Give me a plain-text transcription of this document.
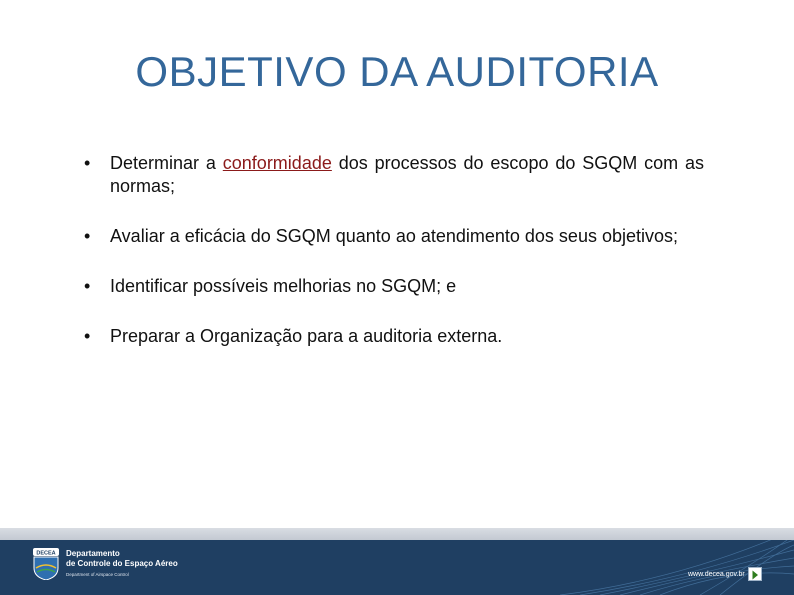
OBJETIVO DA AUDITORIA
• Determinar a conformidade dos processos do escopo do SGQM com as normas;
• Avaliar a eficácia do SGQM quanto ao atendimento dos seus objetivos;
• Identificar possíveis melhorias no SGQM; e
• Preparar a Organização para a auditoria externa.
DECEA Departamento
de Controle do Espaço Aéreo
Department of Airspace Control	www.decea.gov.br
